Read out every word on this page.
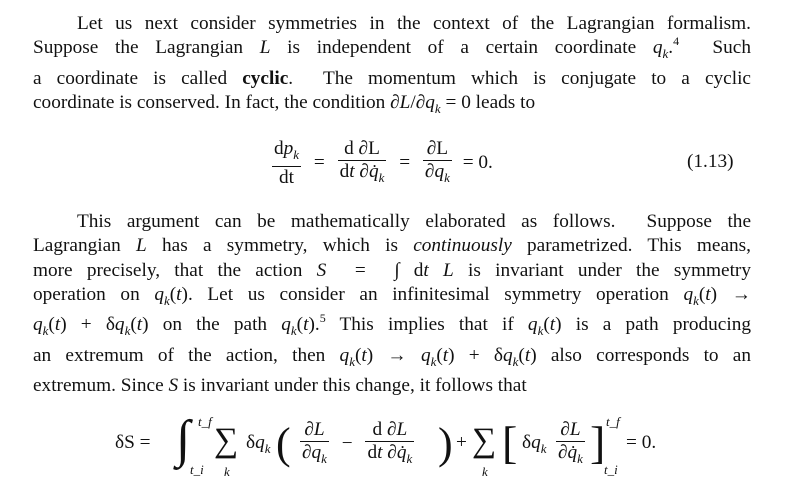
Let us next consider symmetries in the context of the Lagrangian formalism.
Suppose the Lagrangian L is independent of a certain coordinate $q_k.^4$  Such
a coordinate is called cyclic.  The momentum which is conjugate to a cyclic
coordinate is conserved. In fact, the condition $\partial L/\partial q_k = 0$ leads to
$\frac{dp_k}{dt} = \frac{d \partial L}{dt \partial q̇_k} = \frac{\partial L}{\partial q_k} = 0$.	(1.13)
This argument can be mathematically elaborated as follows.  Suppose the
Lagrangian L has a symmetry, which is continuously parametrized. This means,
more precisely, that the action S  =  ∫ dt L is invariant under the symmetry
operation on $q_k(t)$. Let us consider an infinitesimal symmetry operation $q_k(t)$ →
$q_k(t) + \delta q_k(t)$ on the path $q_k(t).^5$ This implies that if $q_k(t)$ is a path producing
an extremum of the action, then $q_k(t) \to q_k(t) + \delta q_k(t)$ also corresponds to an
extremum. Since S is invariant under this change, it follows that
δS = ∫ t_f
t_i
∑
k
$\delta q_k$ ( $\frac{\partial L}{\partial q_k} - \frac{d \partial L}{dt \partial q̇_k}$ ) + ∑
k
[ $\delta q_k \frac{\partial L}{\partial q̇_k}$ ] t_f
t_i
= 0.
